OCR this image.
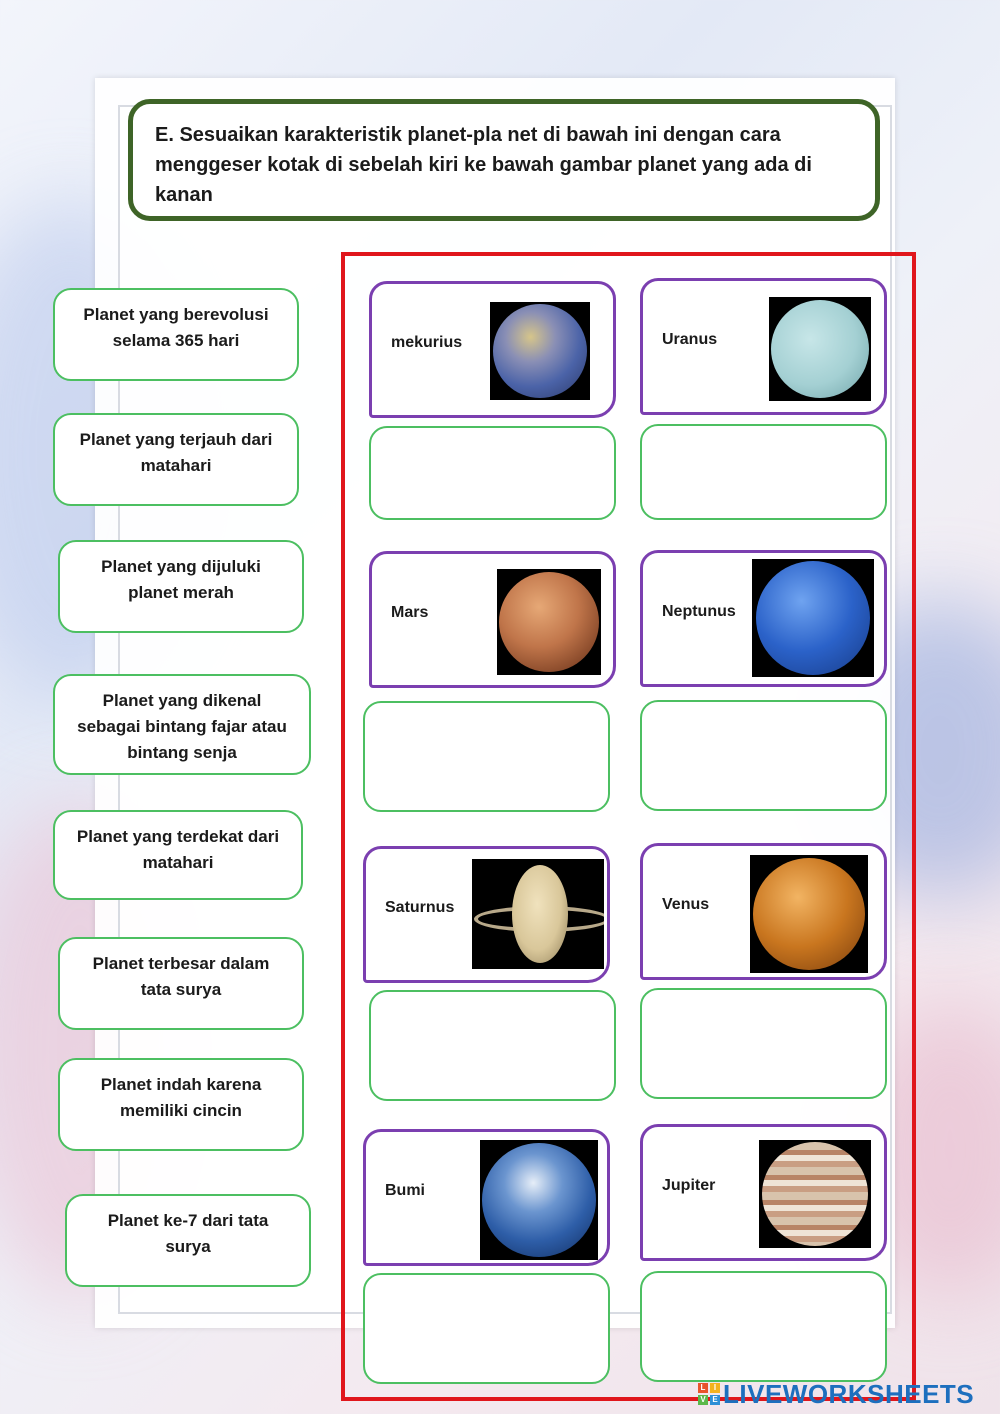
E. Sesuaikan karakteristik planet-pla net di bawah ini dengan cara menggeser kotak di sebelah kiri ke bawah gambar planet yang ada di kanan
Planet yang berevolusi
selama 365 hari
Planet yang terjauh dari
matahari
Planet yang dijuluki
planet merah
Planet yang dikenal
sebagai bintang fajar atau
bintang senja
Planet yang terdekat dari
matahari
Planet terbesar dalam
tata surya
Planet indah karena
memiliki cincin
Planet ke-7 dari tata
surya
mekurius	Uranus
Mars	Neptunus
Saturnus	Venus
Bumi	Jupiter
L	I
V E LIVEWORKSHEETS
